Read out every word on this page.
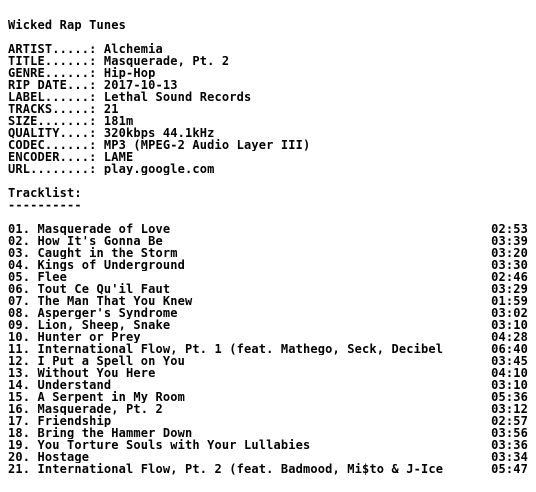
Wicked Rap Tunes
ARTIST.....: Alchemia
TITLE......: Masquerade, Pt. 2
GENRE......: Hip-Hop
RIP DATE...: 2017-10-13
LABEL......: Lethal Sound Records
TRACKS.....: 21
SIZE.......: 181m
QUALITY....: 320kbps 44.1kHz
CODEC......: MP3 (MPEG-2 Audio Layer III)
ENCODER....: LAME
URL........: play.google.com
Tracklist:
----------
01. Masquerade of Love	02:53
02. How It's Gonna Be	03:39
03. Caught in the Storm	03:20
04. Kings of Underground	03:30
05. Flee	02:46
06. Tout Ce Qu'il Faut	03:29
07. The Man That You Knew	01:59
08. Asperger's Syndrome	03:02
09. Lion, Sheep, Snake	03:10
10. Hunter or Prey	04:28
11. International Flow, Pt. 1 (feat. Mathego, Seck, Decibel	06:40
12. I Put a Spell on You	03:45
13. Without You Here	04:10
14. Understand	03:10
15. A Serpent in My Room	05:36
16. Masquerade, Pt. 2	03:12
17. Friendship	02:57
18. Bring the Hammer Down	03:56
19. You Torture Souls with Your Lullabies	03:36
20. Hostage	03:34
21. International Flow, Pt. 2 (feat. Badmood, Mi$to & J-Ice	05:47
